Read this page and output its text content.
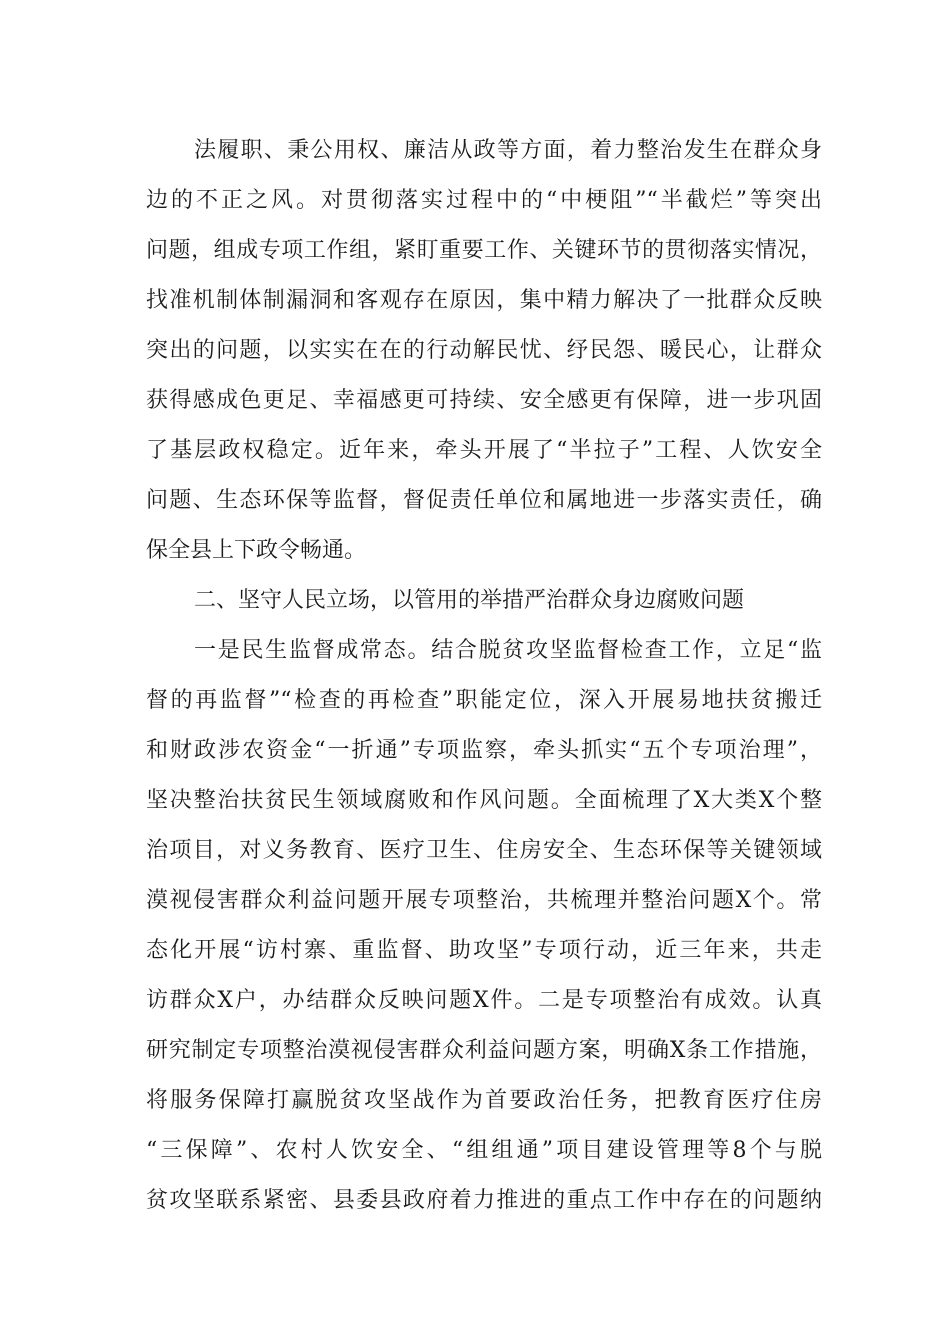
法履职、秉公用权、廉洁从政等方面，着力整治发生在群众身
边的不正之风。对贯彻落实过程中的“中梗阻”“半截烂”等突出
问题，组成专项工作组，紧盯重要工作、关键环节的贯彻落实情况，
找准机制体制漏洞和客观存在原因，集中精力解决了一批群众反映
突出的问题，以实实在在的行动解民忧、纾民怨、暖民心，让群众
获得感成色更足、幸福感更可持续、安全感更有保障，进一步巩固
了基层政权稳定。近年来，牵头开展了“半拉子”工程、人饮安全
问题、生态环保等监督，督促责任单位和属地进一步落实责任，确
保全县上下政令畅通。
二、坚守人民立场，以管用的举措严治群众身边腐败问题
一是民生监督成常态。结合脱贫攻坚监督检查工作，立足“监
督的再监督”“检查的再检查”职能定位，深入开展易地扶贫搬迁
和财政涉农资金“一折通”专项监察，牵头抓实“五个专项治理”，
坚决整治扶贫民生领域腐败和作风问题。全面梳理了X大类X个整
治项目，对义务教育、医疗卫生、住房安全、生态环保等关键领域
漠视侵害群众利益问题开展专项整治，共梳理并整治问题X个。常
态化开展“访村寨、重监督、助攻坚”专项行动，近三年来，共走
访群众X户，办结群众反映问题X件。二是专项整治有成效。认真
研究制定专项整治漠视侵害群众利益问题方案，明确X条工作措施，
将服务保障打赢脱贫攻坚战作为首要政治任务，把教育医疗住房
“三保障”、农村人饮安全、“组组通”项目建设管理等8个与脱
贫攻坚联系紧密、县委县政府着力推进的重点工作中存在的问题纳
